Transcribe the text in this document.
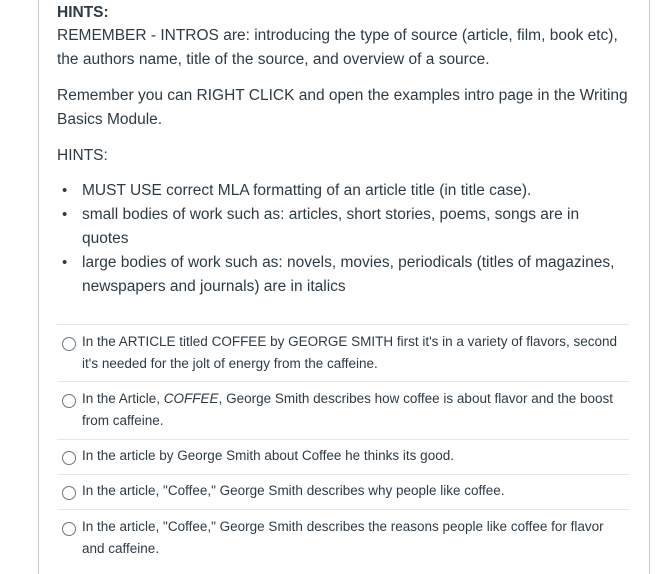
HINTS:

REMEMBER - INTROS are: introducing the type of source (article, film, book etc), the authors name, title of the source, and overview of a source.

Remember you can RIGHT CLICK and open the examples intro page in the Writing Basics Module.

HINTS:

• MUST USE correct MLA formatting of an article title (in title case).
• small bodies of work such as: articles, short stories, poems, songs are in quotes
• large bodies of work such as: novels, movies, periodicals (titles of magazines, newspapers and journals) are in italics
In the ARTICLE titled COFFEE by GEORGE SMITH first it's in a variety of flavors, second it's needed for the jolt of energy from the caffeine.
In the Article, COFFEE, George Smith describes how coffee is about flavor and the boost from caffeine.
In the article by George Smith about Coffee he thinks its good.
In the article, "Coffee," George Smith describes why people like coffee.
In the article, "Coffee," George Smith describes the reasons people like coffee for flavor and caffeine.
